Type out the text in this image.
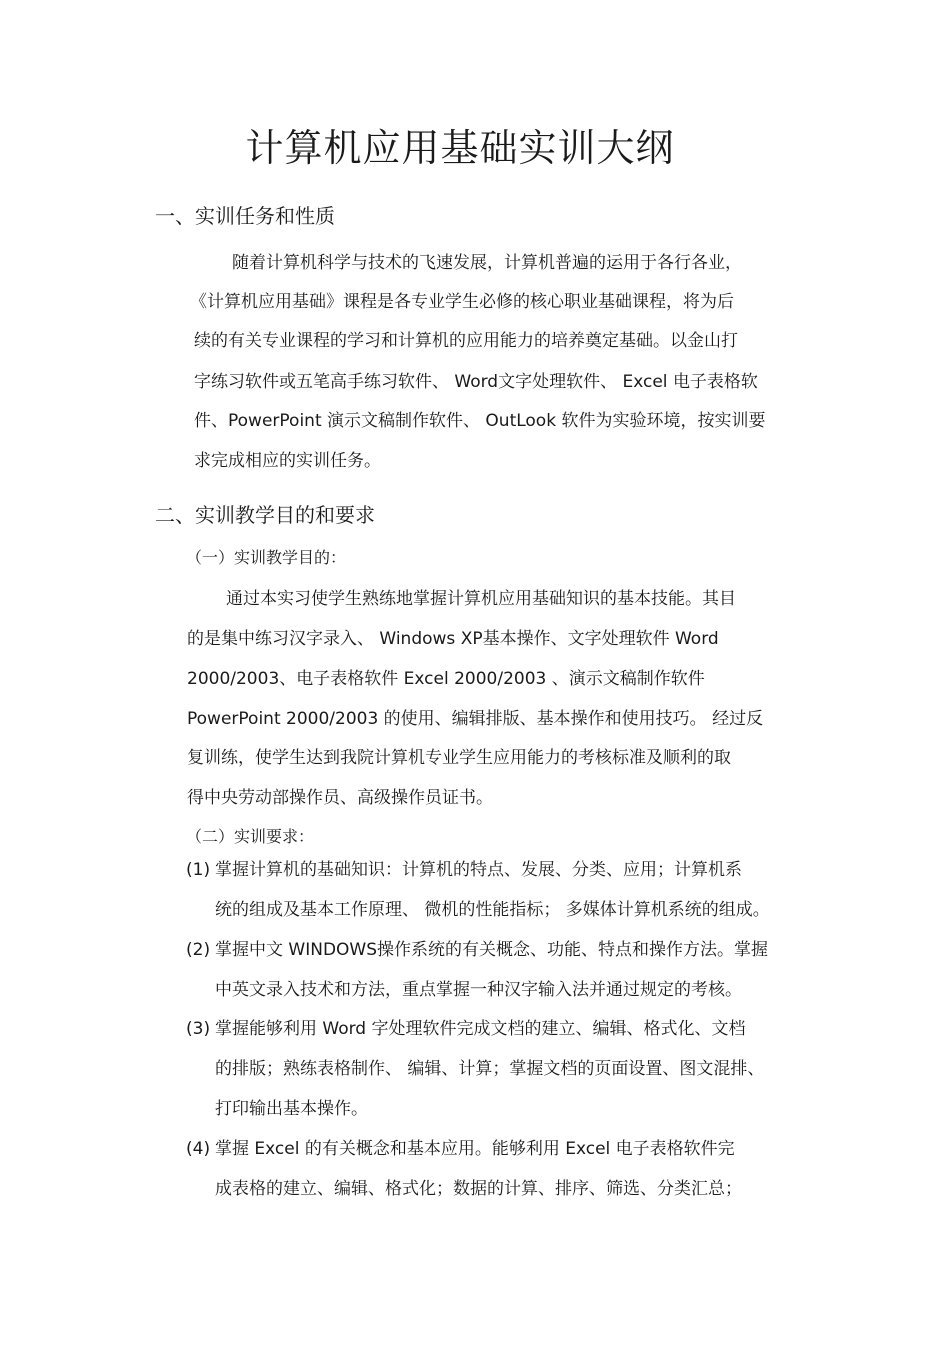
计算机应用基础实训大纲
一、实训任务和性质
随着计算机科学与技术的飞速发展，计算机普遍的运用于各行各业，
《计算机应用基础》课程是各专业学生必修的核心职业基础课程，将为后
续的有关专业课程的学习和计算机的应用能力的培养奠定基础。以金山打
字练习软件或五笔高手练习软件、 Word文字处理软件、 Excel 电子表格软
件、PowerPoint 演示文稿制作软件、 OutLook 软件为实验环境，按实训要
求完成相应的实训任务。
二、实训教学目的和要求
（一）实训教学目的：
通过本实习使学生熟练地掌握计算机应用基础知识的基本技能。其目
的是集中练习汉字录入、 Windows XP基本操作、文字处理软件 Word
2000/2003、电子表格软件 Excel 2000/2003 、演示文稿制作软件
PowerPoint 2000/2003 的使用、编辑排版、基本操作和使用技巧。 经过反
复训练，使学生达到我院计算机专业学生应用能力的考核标准及顺利的取
得中央劳动部操作员、高级操作员证书。
（二）实训要求：
(1) 掌握计算机的基础知识：计算机的特点、发展、分类、应用；计算机系
统的组成及基本工作原理、 微机的性能指标； 多媒体计算机系统的组成。
(2) 掌握中文 WINDOWS操作系统的有关概念、功能、特点和操作方法。掌握
中英文录入技术和方法，重点掌握一种汉字输入法并通过规定的考核。
(3) 掌握能够利用 Word 字处理软件完成文档的建立、编辑、格式化、文档
的排版；熟练表格制作、 编辑、计算；掌握文档的页面设置、图文混排、
打印输出基本操作。
(4) 掌握 Excel 的有关概念和基本应用。能够利用 Excel 电子表格软件完
成表格的建立、编辑、格式化；数据的计算、排序、筛选、分类汇总；
